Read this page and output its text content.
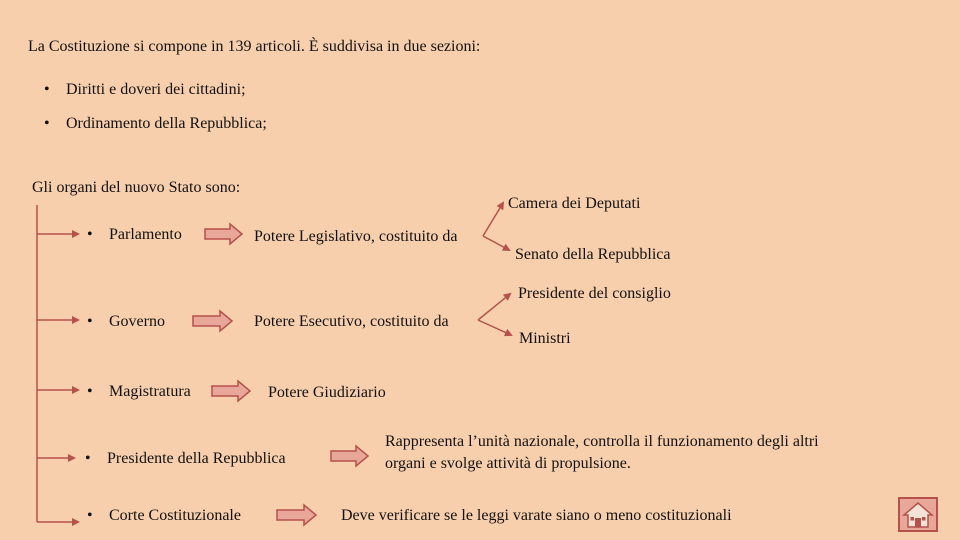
La Costituzione si compone in 139 articoli. È suddivisa in due sezioni:
• Diritti e doveri dei cittadini;
• Ordinamento della Repubblica;
Gli organi del nuovo Stato sono:
• Parlamento	Potere Legislativo, costituito da
Camera dei Deputati
Senato della Repubblica
• Governo	Potere Esecutivo, costituito da
Presidente del consiglio
Ministri
• Magistratura	Potere Giudiziario
• Presidente della Repubblica
Rappresenta l’unità nazionale, controlla il funzionamento degli altri
organi e svolge attività di propulsione.
• Corte Costituzionale	Deve verificare se le leggi varate siano o meno costituzionali
